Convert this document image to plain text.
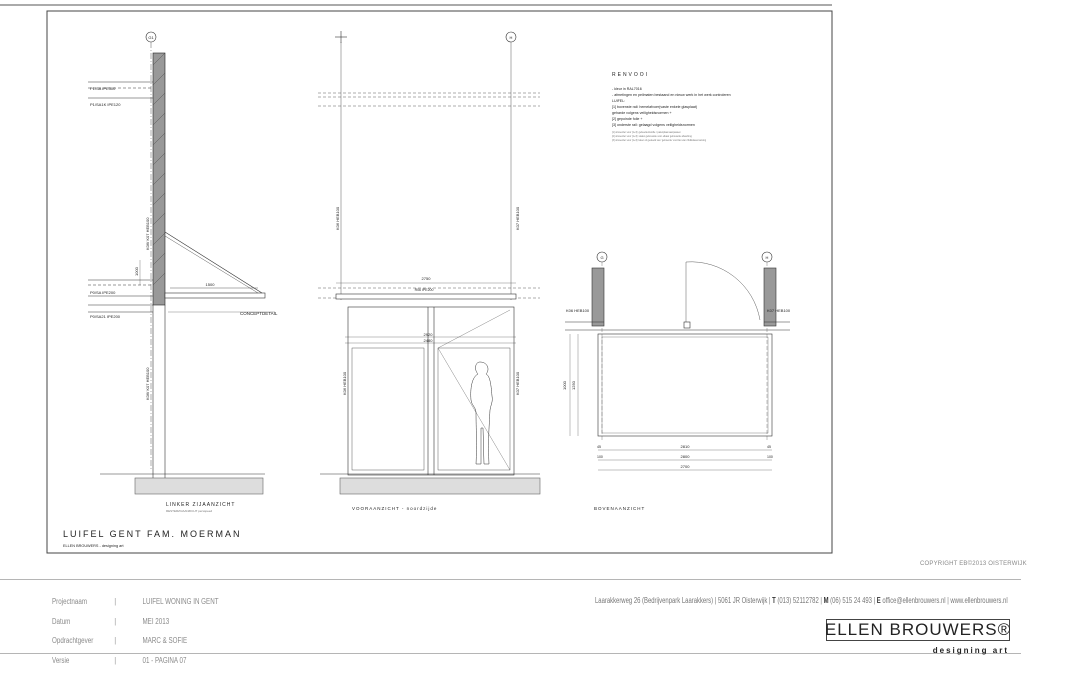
G1
P1/SA IPE300
P1/SA1K IPE120
P0/SA IPE200
P0/SA21 IPE200
1000
1500
K06/ K07 HEB100
K06/ K07 HEB100
CONCEPTDETAIL
LINKER ZIJAANZICHT
RESTERZIJAANZICHT persspeed
H
2750
R06 IPE200
2920
2480
K06 HEB100	K07 HEB100
K06 HEB100	K07 HEB100
VOORAANZICHT - noordzijde
G	H
K06 HEB100	K07 HEB100
2810
2800
2700
1000 1250
45
100
45
100
BOVENAANZICHT
RENVOOI
- kleur in RAL7016
- afmetingen en peilmaten bestaand en nieuw werk in het werk controleren
LUIFEL:
[1] bovenste rail: hemelafvoer(vaste enkele glasplaat)
geharde volgens veiligheidsnormen +
[2] gepoinde folie +
[3] onderste rail: gelaagd volgens veiligheidsnormen
[1] uitvoerder voor [1+3]: gebeeltenisrolle / palenplaat aanpassen
[2] uitvoerder voor [1+3]: stalen gebouwde voor elkaar gebouwde afwerking
[3] uitvoerder voor [1+3]: laken of gedeeld van 'geboerde' voorziet van ribdikdavernaming
LUIFEL GENT FAM. MOERMAN
ELLEN BROUWERS - designing art
COPYRIGHT EB©2013 OISTERWIJK
Projectnaam	|	LUIFEL WONING IN GENT
Datum	|	MEI 2013
Opdrachtgever	|	MARC & SOFIE
Versie	|	01 - PAGINA 07
Laarakkerweg 26 (Bedrijvenpark Laarakkers) | 5061 JR Oisterwijk | T (013) 52112782 | M (06) 515 24 493 | E office@ellenbrouwers.nl | www.ellenbrouwers.nl
ELLEN BROUWERS®
designing art
